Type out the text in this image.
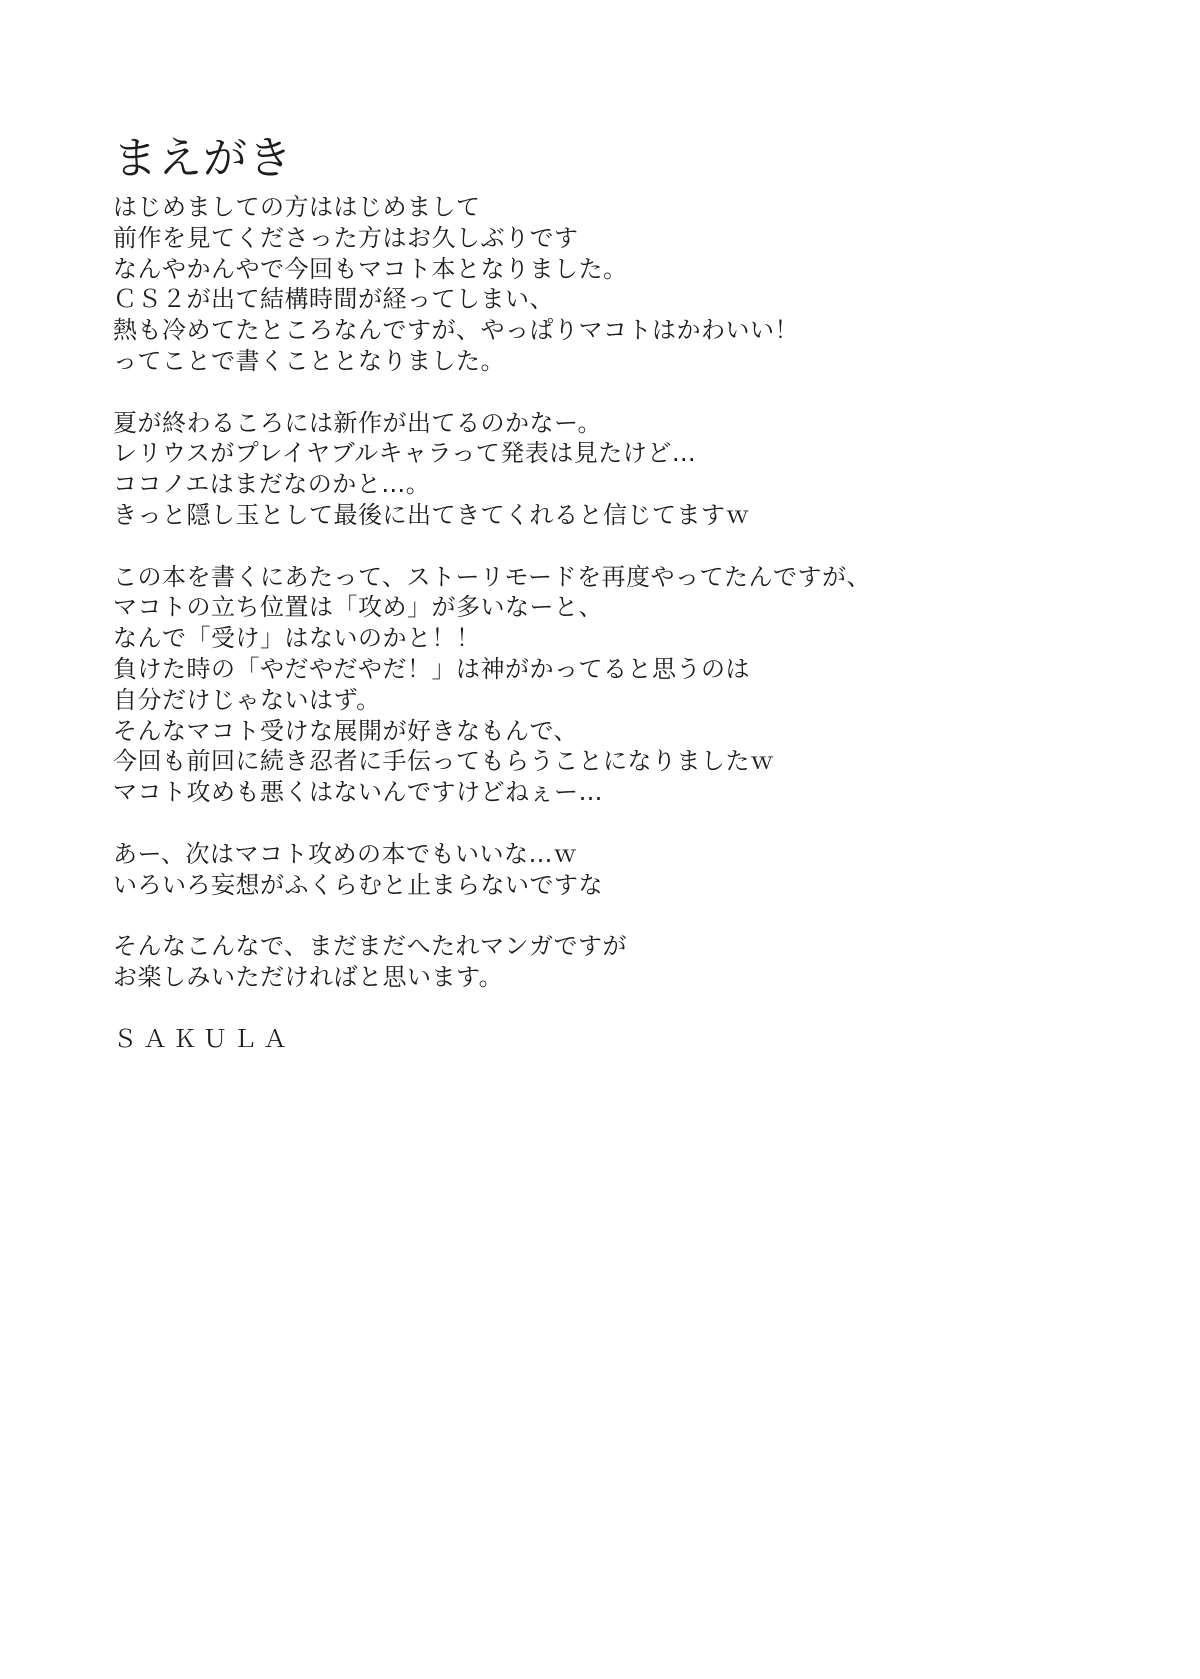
まえがき

はじめましての方ははじめまして

前作を見てくださった方はお久しぶりです

なんやかんやで今回もマコト本となりました。

ＣＳ２が出て結構時間が経ってしまい、

熱も冷めてたところなんですが、やっぱりマコトはかわいい！

ってことで書くこととなりました。

夏が終わるころには新作が出てるのかなー。

レリウスがプレイヤブルキャラって発表は見たけど…

ココノエはまだなのかと…。

きっと隠し玉として最後に出てきてくれると信じてますｗ

この本を書くにあたって、ストーリモードを再度やってたんですが、

マコトの立ち位置は「攻め」が多いなーと、

なんで「受け」はないのかと！！

負けた時の「やだやだやだ！」は神がかってると思うのは

自分だけじゃないはず。

そんなマコト受けな展開が好きなもんで、

今回も前回に続き忍者に手伝ってもらうことになりましたｗ

マコト攻めも悪くはないんですけどねぇー…

あー、次はマコト攻めの本でもいいな…ｗ

いろいろ妄想がふくらむと止まらないですな

そんなこんなで、まだまだへたれマンガですが

お楽しみいただければと思います。

ＳＡＫＵＬＡ
